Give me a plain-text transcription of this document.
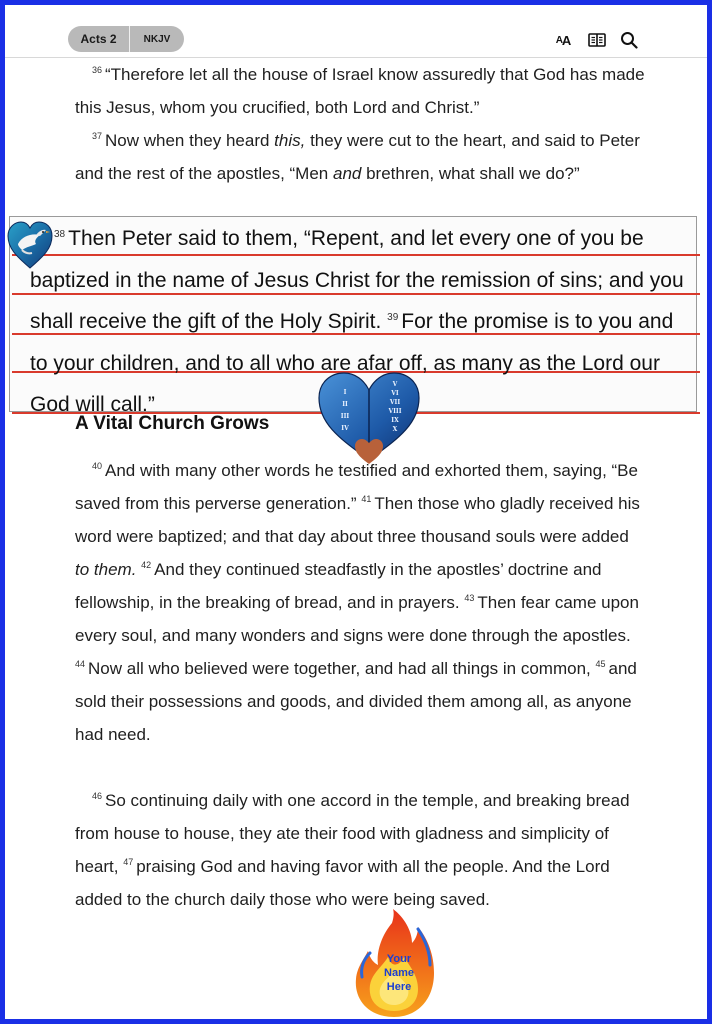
Acts 2	NKJV	A A
$^{36}$ “Therefore let all the house of Israel know assuredly that God has made this Jesus, whom you crucified, both Lord and Christ.”
$^{37}$ Now when they heard this, they were cut to the heart, and said to Peter and the rest of the apostles, “Men and brethren, what shall we do?”
$^{38}$ Then Peter said to them, “Repent, and let every one of you be baptized in the name of Jesus Christ for the remission of sins; and you shall receive the gift of the Holy Spirit. $^{39}$ For the promise is to you and to your children, and to all who are afar off, as many as the Lord our God will call.”
A Vital Church Grows
I
II
III
IV
V
VI
VII
VIII
IX
X
$^{40}$ And with many other words he testified and exhorted them, saying, “Be saved from this perverse generation.” $^{41}$ Then those who gladly received his word were baptized; and that day about three thousand souls were added to them. $^{42}$ And they continued steadfastly in the apostles’ doctrine and fellowship, in the breaking of bread, and in prayers. $^{43}$ Then fear came upon every soul, and many wonders and signs were done through the apostles. $^{44}$ Now all who believed were together, and had all things in common, $^{45}$ and sold their possessions and goods, and divided them among all, as anyone had need.
$^{46}$ So continuing daily with one accord in the temple, and breaking bread from house to house, they ate their food with gladness and simplicity of heart, $^{47}$ praising God and having favor with all the people. And the Lord added to the church daily those who were being saved.
Your
Name
Here
